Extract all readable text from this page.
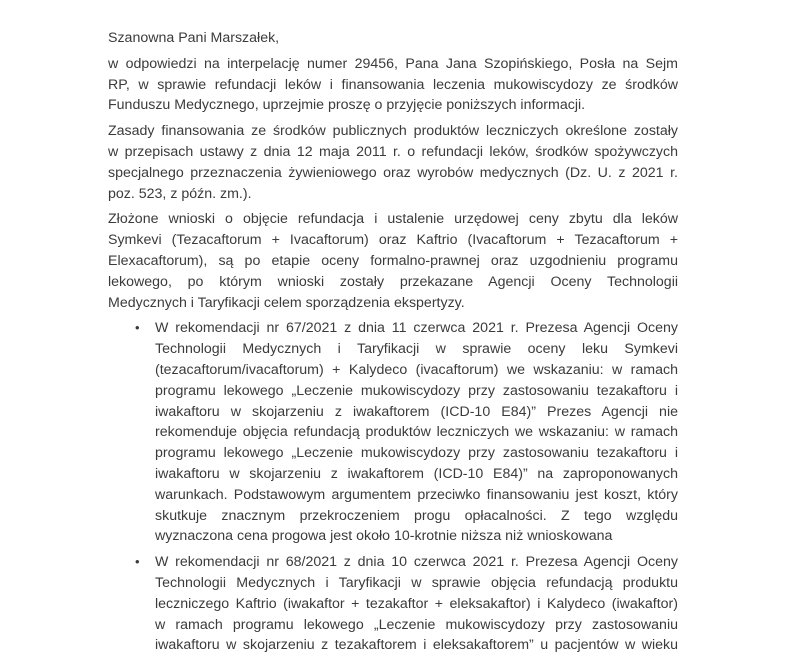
Szanowna Pani Marszałek,
w odpowiedzi na interpelację numer 29456, Pana Jana Szopińskiego, Posła na Sejm
RP, w sprawie refundacji leków i finansowania leczenia mukowiscydozy ze środków
Funduszu Medycznego, uprzejmie proszę o przyjęcie poniższych informacji.
Zasady finansowania ze środków publicznych produktów leczniczych określone zostały
w przepisach ustawy z dnia 12 maja 2011 r. o refundacji leków, środków spożywczych
specjalnego przeznaczenia żywieniowego oraz wyrobów medycznych (Dz. U. z 2021 r.
poz. 523, z późn. zm.).
Złożone wnioski o objęcie refundacja i ustalenie urzędowej ceny zbytu dla leków
Symkevi (Tezacaftorum + Ivacaftorum) oraz Kaftrio (Ivacaftorum + Tezacaftorum +
Elexacaftorum), są po etapie oceny formalno-prawnej oraz uzgodnieniu programu
lekowego, po którym wnioski zostały przekazane Agencji Oceny Technologii
Medycznych i Taryfikacji celem sporządzenia ekspertyzy.
• W rekomendacji nr 67/2021 z dnia 11 czerwca 2021 r. Prezesa Agencji Oceny
Technologii Medycznych i Taryfikacji w sprawie oceny leku Symkevi
(tezacaftorum/ivacaftorum) + Kalydeco (ivacaftorum) we wskazaniu: w ramach
programu lekowego „Leczenie mukowiscydozy przy zastosowaniu tezakaftoru i
iwakaftoru w skojarzeniu z iwakaftorem (ICD-10 E84)” Prezes Agencji nie
rekomenduje objęcia refundacją produktów leczniczych we wskazaniu: w ramach
programu lekowego „Leczenie mukowiscydozy przy zastosowaniu tezakaftoru i
iwakaftoru w skojarzeniu z iwakaftorem (ICD-10 E84)” na zaproponowanych
warunkach. Podstawowym argumentem przeciwko finansowaniu jest koszt, który
skutkuje znacznym przekroczeniem progu opłacalności. Z tego względu
wyznaczona cena progowa jest około 10-krotnie niższa niż wnioskowana
• W rekomendacji nr 68/2021 z dnia 10 czerwca 2021 r. Prezesa Agencji Oceny
Technologii Medycznych i Taryfikacji w sprawie objęcia refundacją produktu
leczniczego Kaftrio (iwakaftor + tezakaftor + eleksakaftor) i Kalydeco (iwakaftor)
w ramach programu lekowego „Leczenie mukowiscydozy przy zastosowaniu
iwakaftoru w skojarzeniu z tezakaftorem i eleksakaftorem” u pacjentów w wieku
